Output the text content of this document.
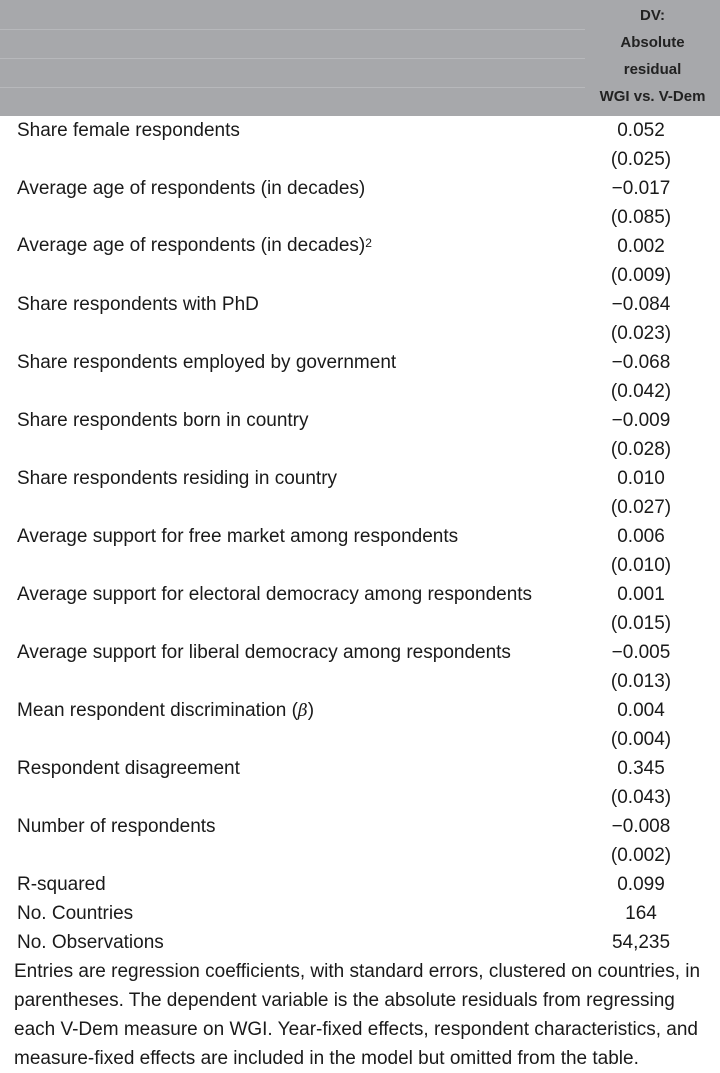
DV:
Absolute
residual
WGI vs. V-Dem
Share female respondents	0.052
(0.025)
Average age of respondents (in decades)	−0.017
(0.085)
Average age of respondents (in decades)$^2$	0.002
(0.009)
Share respondents with PhD	−0.084
(0.023)
Share respondents employed by government	−0.068
(0.042)
Share respondents born in country	−0.009
(0.028)
Share respondents residing in country	0.010
(0.027)
Average support for free market among respondents	0.006
(0.010)
Average support for electoral democracy among respondents	0.001
(0.015)
Average support for liberal democracy among respondents	−0.005
(0.013)
Mean respondent discrimination (β)	0.004
(0.004)
Respondent disagreement	0.345
(0.043)
Number of respondents	−0.008
(0.002)
R-squared	0.099
No. Countries	164
No. Observations	54,235
Entries are regression coefficients, with standard errors, clustered on countries, in parentheses. The dependent variable is the absolute residuals from regressing each V-Dem measure on WGI. Year-fixed effects, respondent characteristics, and measure-fixed effects are included in the model but omitted from the table.
